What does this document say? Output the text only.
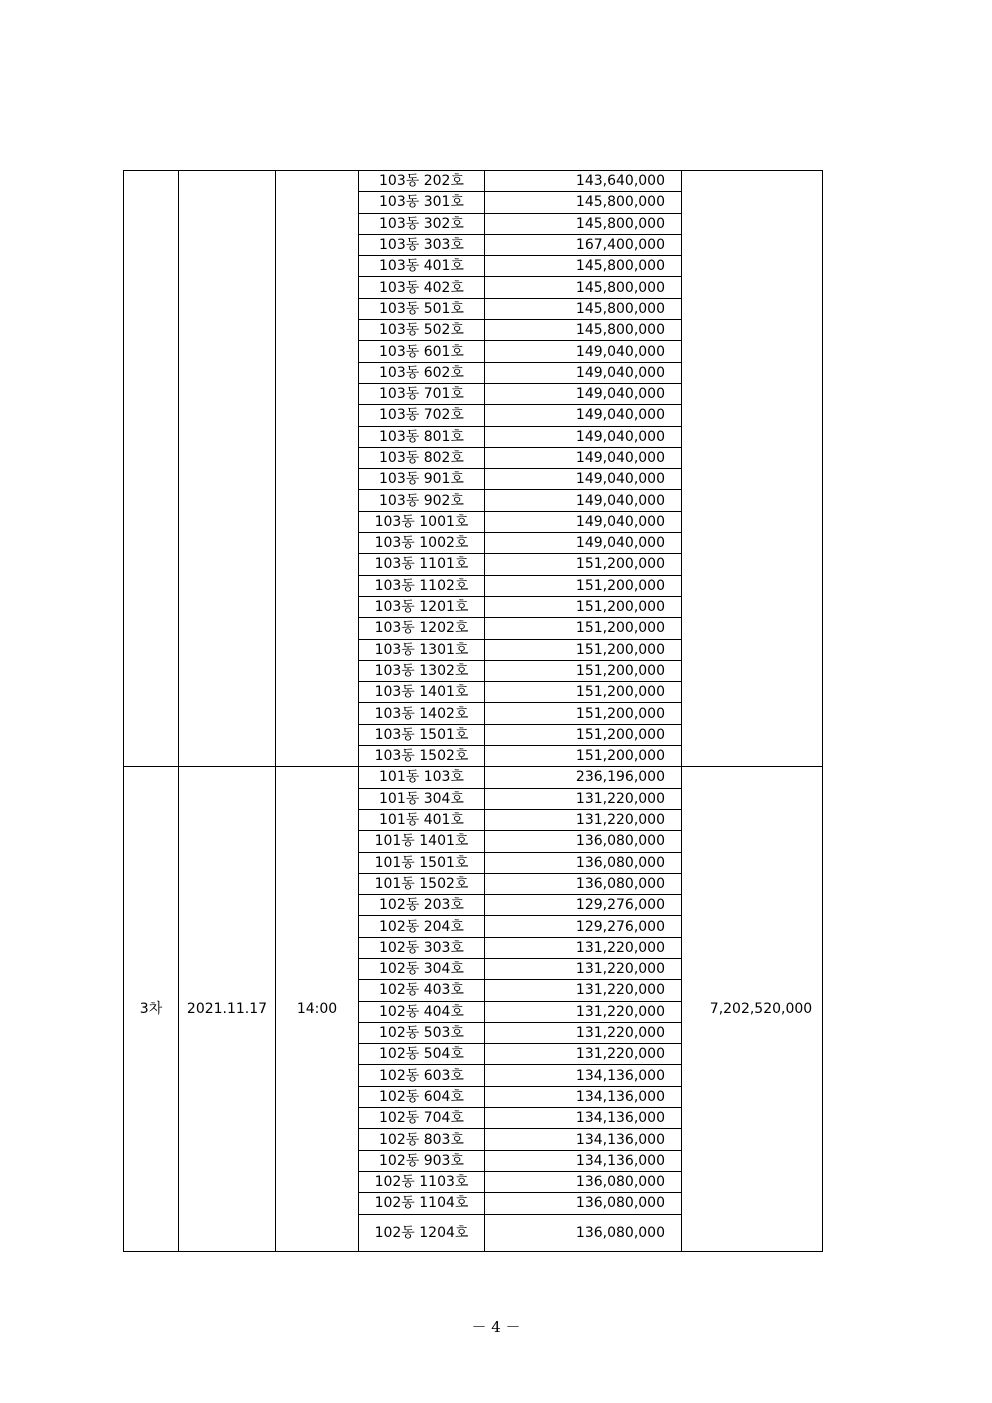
			103동 202호	143,640,000	
			103동 301호	145,800,000	
			103동 302호	145,800,000	
			103동 303호	167,400,000	
			103동 401호	145,800,000	
			103동 402호	145,800,000	
			103동 501호	145,800,000	
			103동 502호	145,800,000	
			103동 601호	149,040,000	
			103동 602호	149,040,000	
			103동 701호	149,040,000	
			103동 702호	149,040,000	
			103동 801호	149,040,000	
			103동 802호	149,040,000	
			103동 901호	149,040,000	
			103동 902호	149,040,000	
			103동 1001호	149,040,000	
			103동 1002호	149,040,000	
			103동 1101호	151,200,000	
			103동 1102호	151,200,000	
			103동 1201호	151,200,000	
			103동 1202호	151,200,000	
			103동 1301호	151,200,000	
			103동 1302호	151,200,000	
			103동 1401호	151,200,000	
			103동 1402호	151,200,000	
			103동 1501호	151,200,000	
			103동 1502호	151,200,000	
3차	2021.11.17	14:00	101동 103호	236,196,000	7,202,520,000
			101동 304호	131,220,000	
			101동 401호	131,220,000	
			101동 1401호	136,080,000	
			101동 1501호	136,080,000	
			101동 1502호	136,080,000	
			102동 203호	129,276,000	
			102동 204호	129,276,000	
			102동 303호	131,220,000	
			102동 304호	131,220,000	
			102동 403호	131,220,000	
			102동 404호	131,220,000	
			102동 503호	131,220,000	
			102동 504호	131,220,000	
			102동 603호	134,136,000	
			102동 604호	134,136,000	
			102동 704호	134,136,000	
			102동 803호	134,136,000	
			102동 903호	134,136,000	
			102동 1103호	136,080,000	
			102동 1104호	136,080,000	
			102동 1204호	136,080,000	
－ 4 －
